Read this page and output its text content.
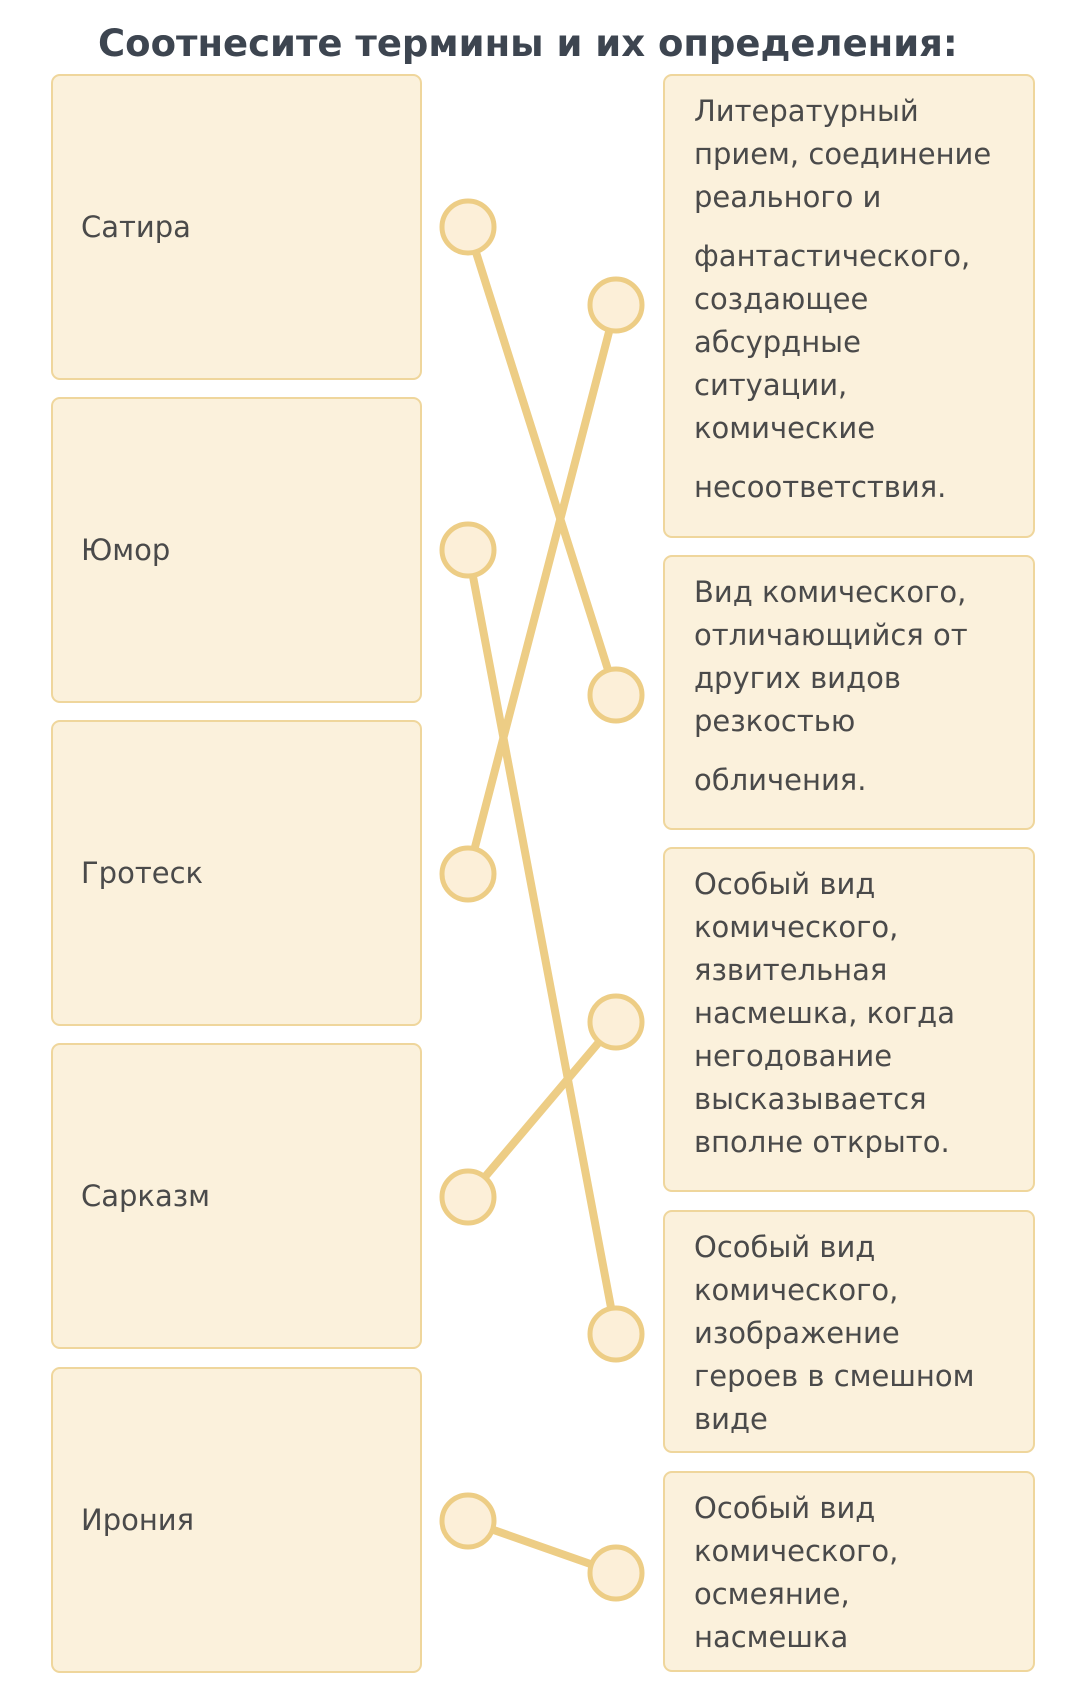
Соотнесите термины и их определения:
Сатира
Юмор
Гротеск
Сарказм
Ирония
Литературный
прием, соединение
реального и
фантастического,
создающее
абсурдные
ситуации,
комические
несоответствия.
Вид комического,
отличающийся от
других видов
резкостью
обличения.
Особый вид
комического,
язвительная
насмешка, когда
негодование
высказывается
вполне открыто.
Особый вид
комического,
изображение
героев в смешном
виде
Особый вид
комического,
осмеяние,
насмешка
